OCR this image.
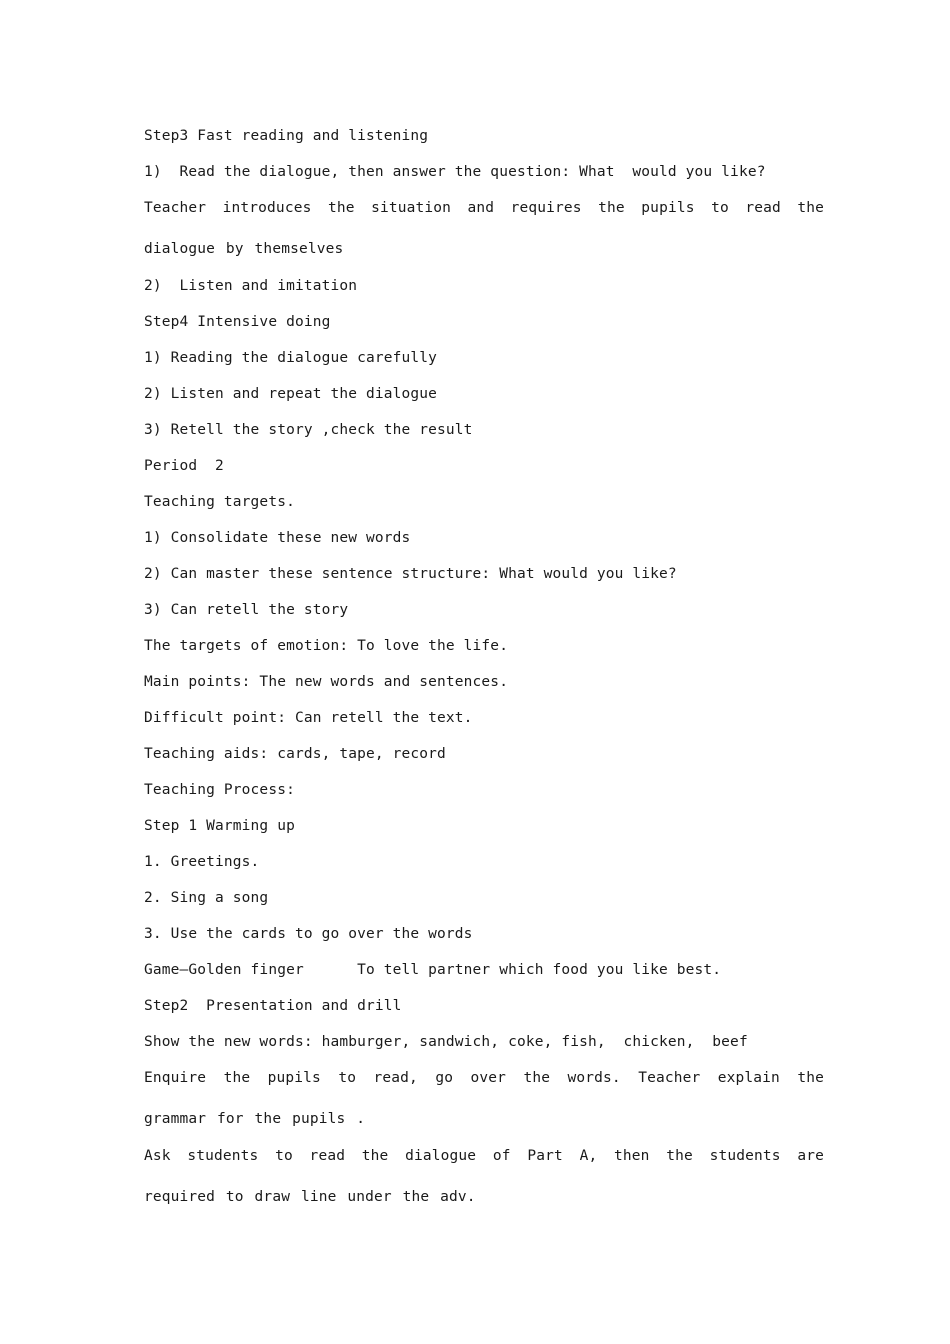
Step3 Fast reading and listening
1)  Read the dialogue, then answer the question: What  would you like?
Teacher introduces the situation and requires the pupils to read the dialogue by themselves
2)  Listen and imitation
Step4 Intensive doing
1) Reading the dialogue carefully
2) Listen and repeat the dialogue
3) Retell the story ,check the result
Period  2
Teaching targets.
1) Consolidate these new words
2) Can master these sentence structure: What would you like?
3) Can retell the story
The targets of emotion: To love the life.
Main points: The new words and sentences.
Difficult point: Can retell the text.
Teaching aids: cards, tape, record
Teaching Process:
Step 1 Warming up
1. Greetings.
2. Sing a song
3. Use the cards to go over the words
Game—Golden finger      To tell partner which food you like best.
Step2  Presentation and drill
Show the new words: hamburger, sandwich, coke, fish,  chicken,  beef
Enquire the pupils to read, go over the words. Teacher explain the grammar for the pupils .
Ask students to read the dialogue of Part A, then the students are required to draw line under the adv.
